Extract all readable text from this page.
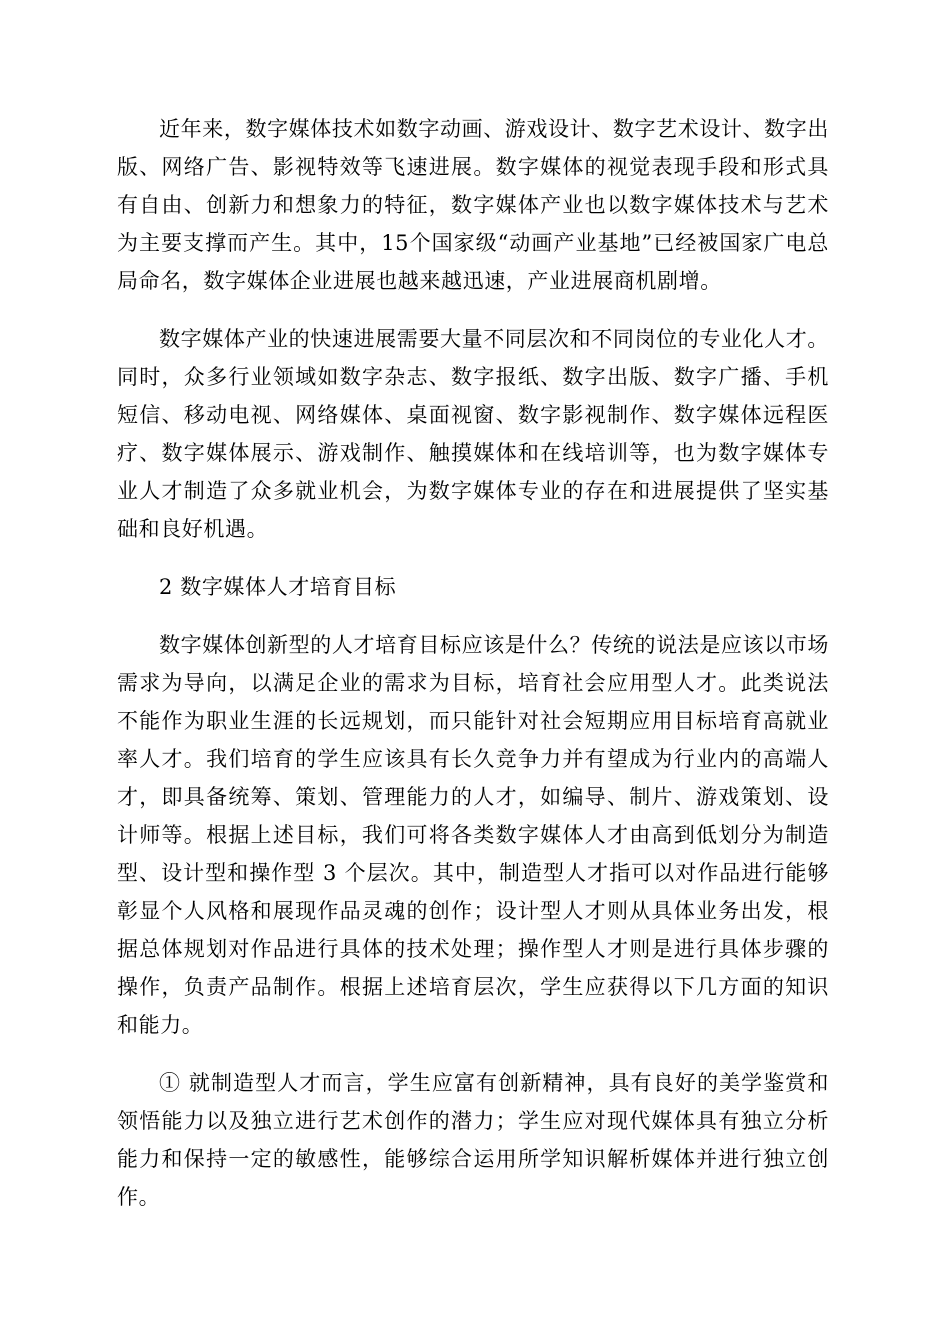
近年来，数字媒体技术如数字动画、游戏设计、数字艺术设计、数字出版、网络广告、影视特效等飞速进展。数字媒体的视觉表现手段和形式具有自由、创新力和想象力的特征，数字媒体产业也以数字媒体技术与艺术为主要支撑而产生。其中，15个国家级“动画产业基地”已经被国家广电总局命名，数字媒体企业进展也越来越迅速，产业进展商机剧增。

数字媒体产业的快速进展需要大量不同层次和不同岗位的专业化人才。同时，众多行业领域如数字杂志、数字报纸、数字出版、数字广播、手机短信、移动电视、网络媒体、桌面视窗、数字影视制作、数字媒体远程医疗、数字媒体展示、游戏制作、触摸媒体和在线培训等，也为数字媒体专业人才制造了众多就业机会，为数字媒体专业的存在和进展提供了坚实基础和良好机遇。

2 数字媒体人才培育目标

数字媒体创新型的人才培育目标应该是什么？传统的说法是应该以市场需求为导向，以满足企业的需求为目标，培育社会应用型人才。此类说法不能作为职业生涯的长远规划，而只能针对社会短期应用目标培育高就业率人才。我们培育的学生应该具有长久竞争力并有望成为行业内的高端人才，即具备统筹、策划、管理能力的人才，如编导、制片、游戏策划、设计师等。根据上述目标，我们可将各类数字媒体人才由高到低划分为制造型、设计型和操作型 3 个层次。其中，制造型人才指可以对作品进行能够彰显个人风格和展现作品灵魂的创作；设计型人才则从具体业务出发，根据总体规划对作品进行具体的技术处理；操作型人才则是进行具体步骤的操作，负责产品制作。根据上述培育层次，学生应获得以下几方面的知识和能力。

① 就制造型人才而言，学生应富有创新精神，具有良好的美学鉴赏和领悟能力以及独立进行艺术创作的潜力；学生应对现代媒体具有独立分析能力和保持一定的敏感性，能够综合运用所学知识解析媒体并进行独立创作。
